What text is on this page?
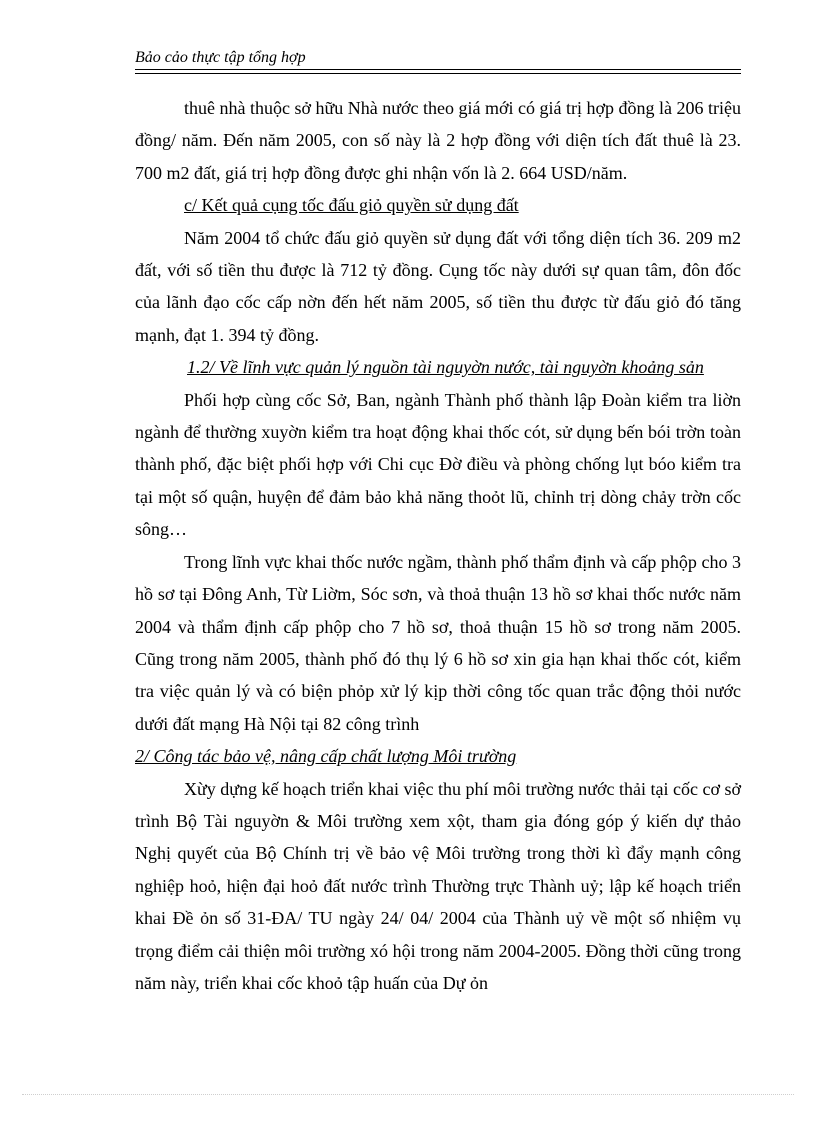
Bảo cảo thực tập tổng hợp

thuê nhà thuộc sở hữu Nhà nước theo giá mới có giá trị hợp đồng là 206 triệu đồng/ năm. Đến năm 2005, con số này là 2 hợp đồng với diện tích đất thuê là 23. 700 m2 đất, giá trị hợp đồng được ghi nhận vốn là 2. 664 USD/năm.

c/ Kết quả cụng tốc đấu giỏ quyền sử dụng đất

Năm 2004 tổ chức đấu giỏ quyền sử dụng đất với tổng diện tích 36. 209 m2 đất, với số tiền thu được là 712 tỷ đồng. Cụng tốc này dưới sự quan tâm, đôn đốc của lãnh đạo cốc cấp nờn đến hết năm 2005, số tiền thu được từ đấu giỏ đó tăng mạnh, đạt 1. 394 tỷ đồng.

1.2/ Về lĩnh vực quản lý nguồn tài nguyờn nước, tài nguyờn khoảng sản

Phối hợp cùng cốc Sở, Ban, ngành Thành phố thành lập Đoàn kiểm tra liờn ngành để thường xuyờn kiểm tra hoạt động khai thốc cót, sử dụng bến bói trờn toàn thành phố, đặc biệt phối hợp với Chi cục Đờ điều và phòng chống lụt bóo kiểm tra tại một số quận, huyện để đảm bảo khả năng thoỏt lũ, chỉnh trị dòng chảy trờn cốc sông…

Trong lĩnh vực khai thốc nước ngầm, thành phố thẩm định và cấp phộp cho 3 hồ sơ tại Đông Anh, Từ Liờm, Sóc sơn, và thoả thuận 13 hồ sơ khai thốc nước năm 2004 và thẩm định cấp phộp cho 7 hồ sơ, thoả thuận 15 hồ sơ trong năm 2005. Cũng trong năm 2005, thành phố đó thụ lý 6 hồ sơ xin gia hạn khai thốc cót, kiểm tra việc quản lý và có biện phỏp xử lý kịp thời công tốc quan trắc động thỏi nước dưới đất mạng Hà Nội tại 82 công trình

2/ Công tác bảo vệ, nâng cấp chất lượng Môi trường

Xừy dựng kế hoạch triển khai việc thu phí môi trường nước thải tại cốc cơ sở trình Bộ Tài nguyờn & Môi trường xem xột, tham gia đóng góp ý kiến dự thảo Nghị quyết của Bộ Chính trị về bảo vệ Môi trường trong thời kì đẩy mạnh công nghiệp hoỏ, hiện đại hoỏ đất nước trình Thường trực Thành uỷ; lập kế hoạch triển khai Đề ỏn số 31-ĐA/ TU ngày 24/ 04/ 2004 của Thành uỷ về một số nhiệm vụ trọng điểm cải thiện môi trường xó hội trong năm 2004-2005. Đồng thời cũng trong năm này, triển khai cốc khoỏ tập huấn của Dự ỏn
